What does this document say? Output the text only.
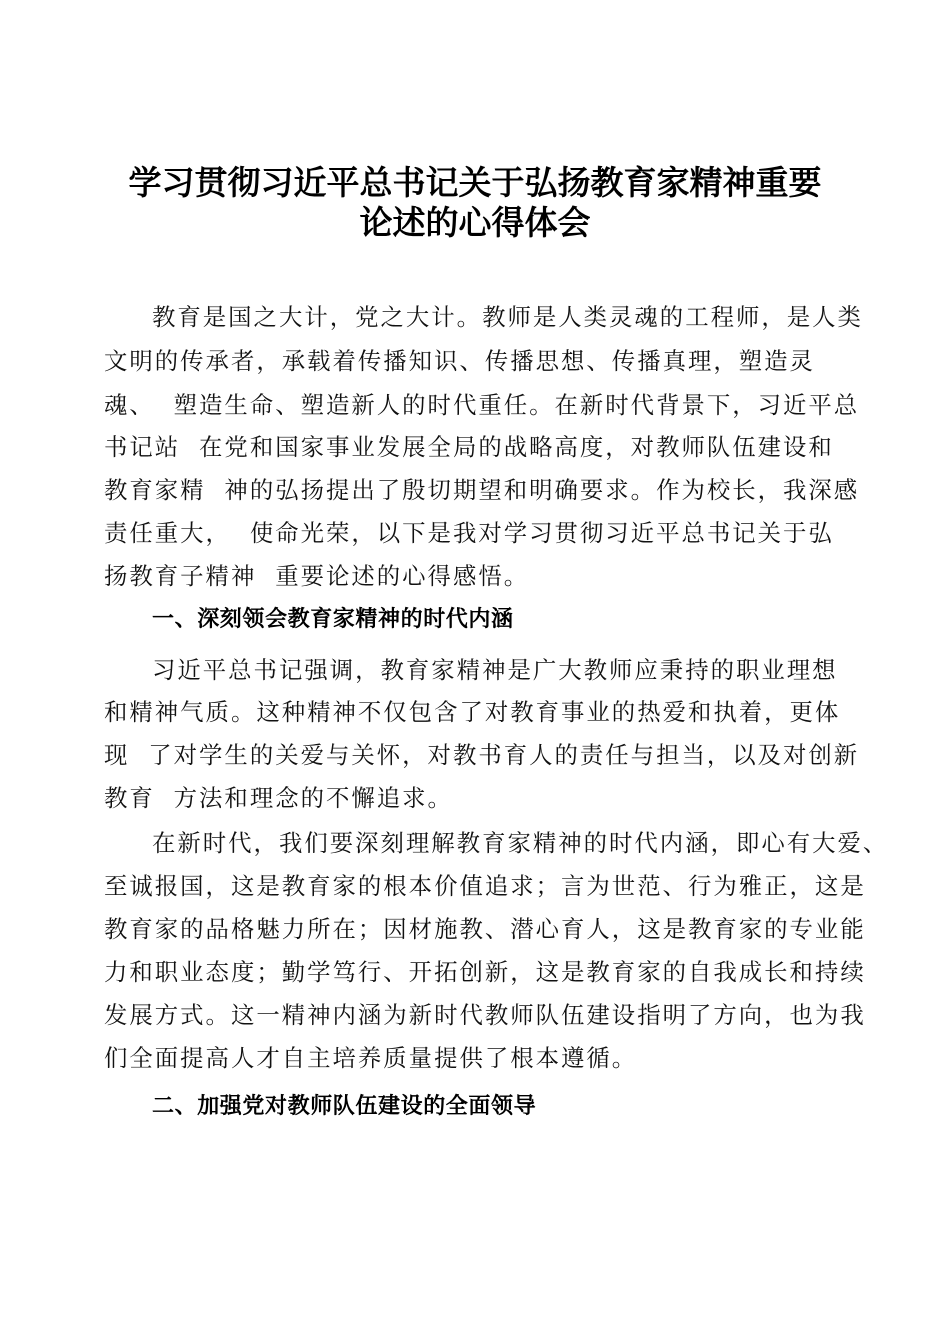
学习贯彻习近平总书记关于弘扬教育家精神重要
论述的心得体会

教育是国之大计，党之大计。教师是人类灵魂的工程师，是人类

文明的传承者，承载着传播知识、传播思想、传播真理，塑造灵

魂、  塑造生命、塑造新人的时代重任。在新时代背景下，习近平总

书记站  在党和国家事业发展全局的战略高度，对教师队伍建设和

教育家精  神的弘扬提出了殷切期望和明确要求。作为校长，我深感

责任重大，  使命光荣，以下是我对学习贯彻习近平总书记关于弘

扬教育子精神  重要论述的心得感悟。

一、深刻领会教育家精神的时代内涵

习近平总书记强调，教育家精神是广大教师应秉持的职业理想

和精神气质。这种精神不仅包含了对教育事业的热爱和执着，更体

现  了对学生的关爱与关怀，对教书育人的责任与担当，以及对创新

教育  方法和理念的不懈追求。

在新时代，我们要深刻理解教育家精神的时代内涵，即心有大爱、

至诚报国，这是教育家的根本价值追求；言为世范、行为雅正，这是

教育家的品格魅力所在；因材施教、潜心育人，这是教育家的专业能

力和职业态度；勤学笃行、开拓创新，这是教育家的自我成长和持续

发展方式。这一精神内涵为新时代教师队伍建设指明了方向，也为我

们全面提高人才自主培养质量提供了根本遵循。

二、加强党对教师队伍建设的全面领导
